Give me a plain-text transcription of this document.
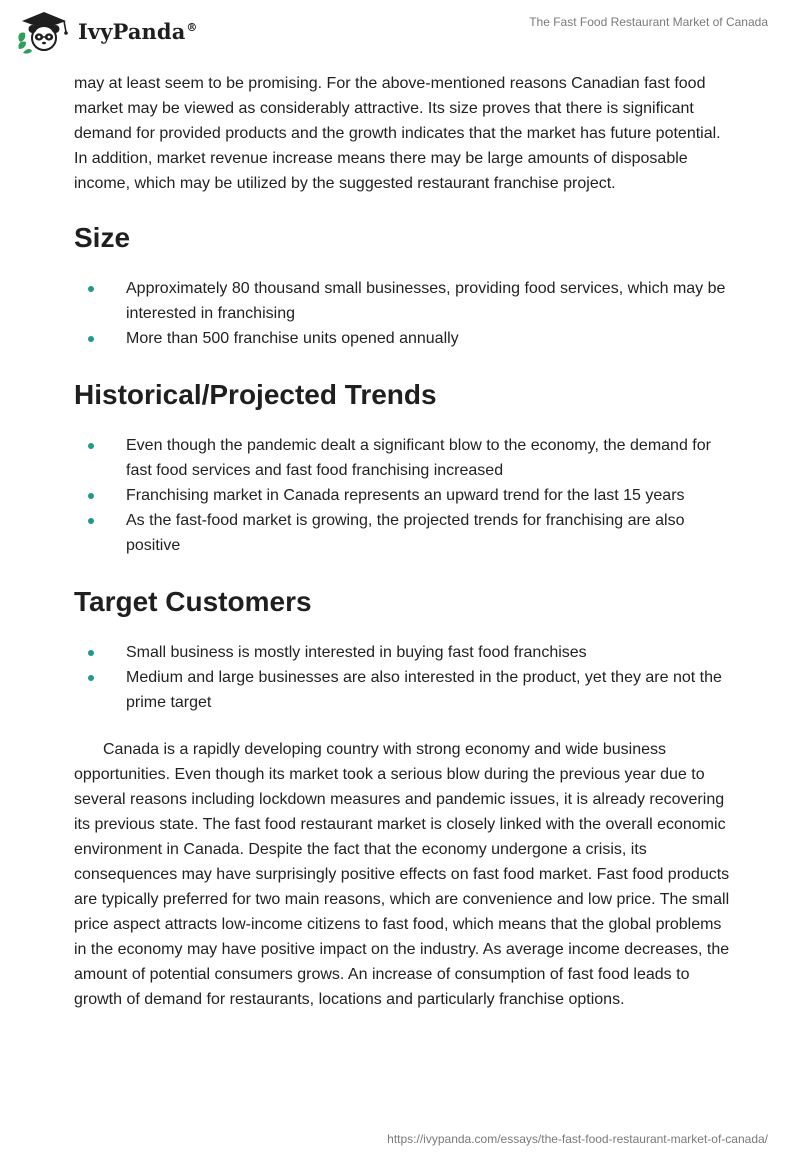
IvyPanda®	The Fast Food Restaurant Market of Canada

may at least seem to be promising. For the above-mentioned reasons Canadian fast food market may be viewed as considerably attractive. Its size proves that there is significant demand for provided products and the growth indicates that the market has future potential. In addition, market revenue increase means there may be large amounts of disposable income, which may be utilized by the suggested restaurant franchise project.

Size
Approximately 80 thousand small businesses, providing food services, which may be interested in franchising
More than 500 franchise units opened annually
Historical/Projected Trends
Even though the pandemic dealt a significant blow to the economy, the demand for fast food services and fast food franchising increased
Franchising market in Canada represents an upward trend for the last 15 years
As the fast-food market is growing, the projected trends for franchising are also positive
Target Customers
Small business is mostly interested in buying fast food franchises
Medium and large businesses are also interested in the product, yet they are not the prime target

Canada is a rapidly developing country with strong economy and wide business opportunities. Even though its market took a serious blow during the previous year due to several reasons including lockdown measures and pandemic issues, it is already recovering its previous state. The fast food restaurant market is closely linked with the overall economic environment in Canada. Despite the fact that the economy undergone a crisis, its consequences may have surprisingly positive effects on fast food market. Fast food products are typically preferred for two main reasons, which are convenience and low price. The small price aspect attracts low-income citizens to fast food, which means that the global problems in the economy may have positive impact on the industry. As average income decreases, the amount of potential consumers grows. An increase of consumption of fast food leads to growth of demand for restaurants, locations and particularly franchise options.

https://ivypanda.com/essays/the-fast-food-restaurant-market-of-canada/
